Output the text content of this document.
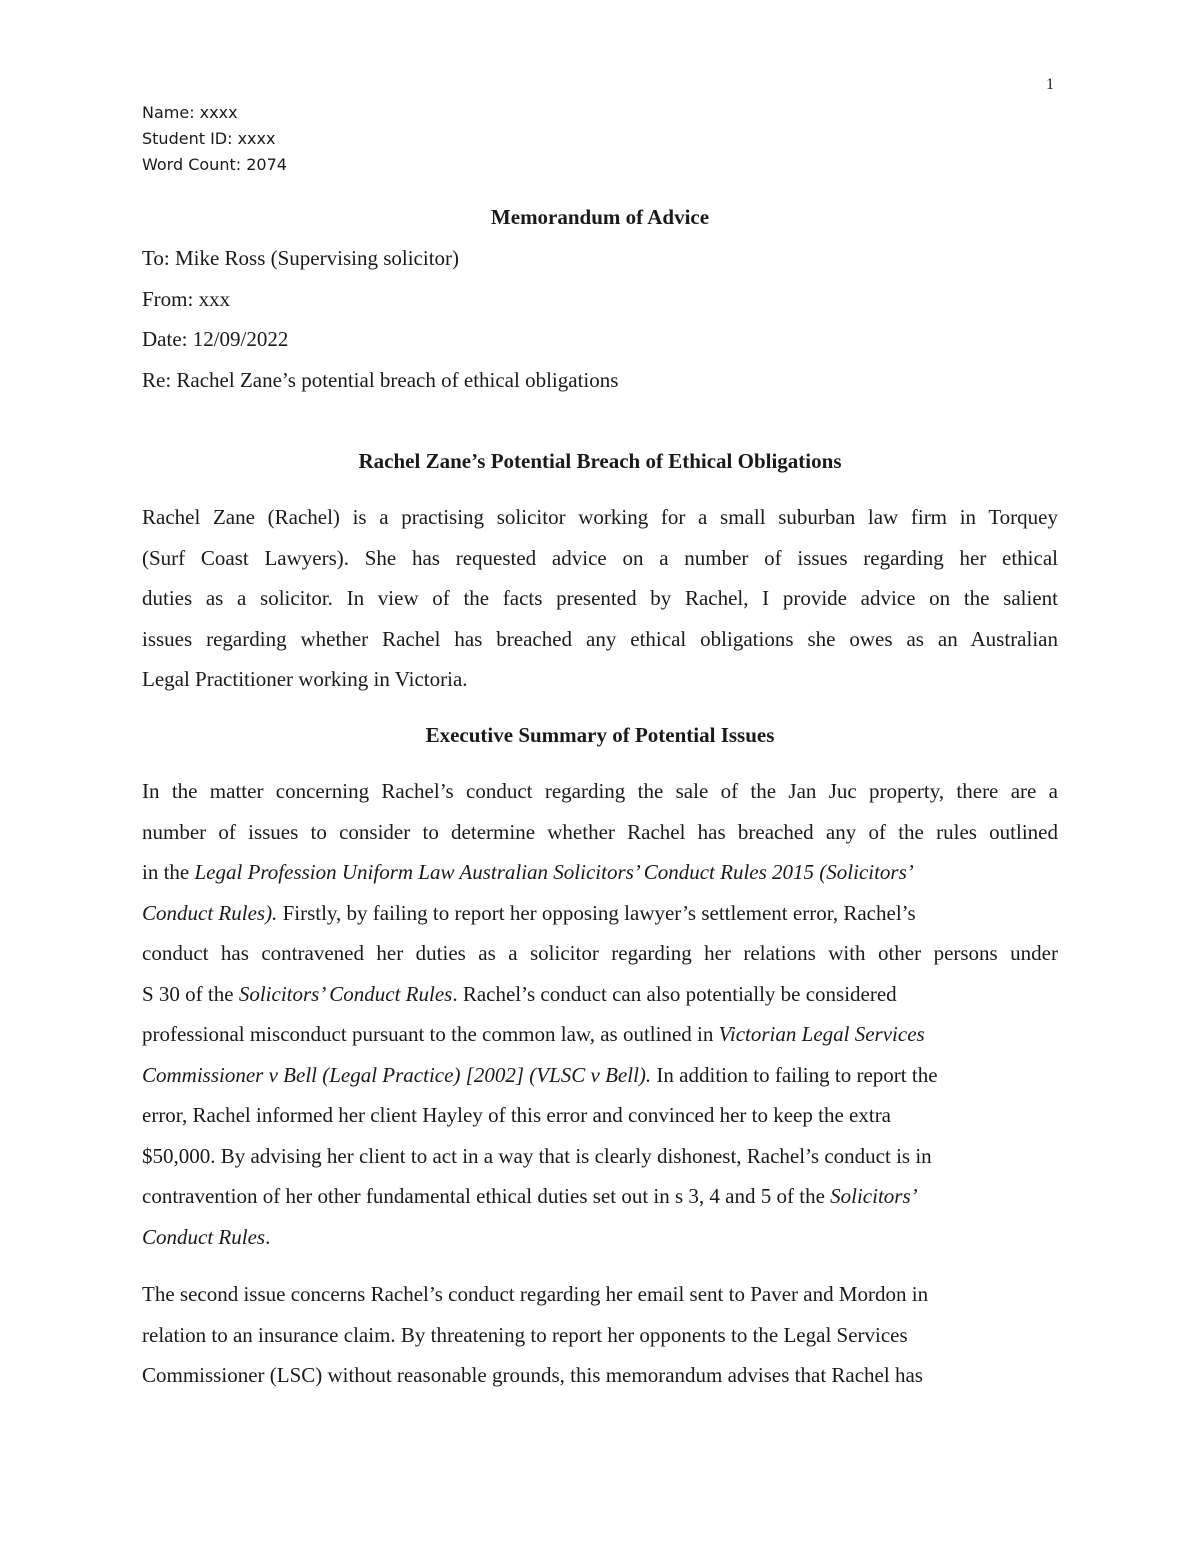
1
Name: xxxx
Student ID: xxxx
Word Count: 2074
Memorandum of Advice
To: Mike Ross (Supervising solicitor)
From: xxx
Date: 12/09/2022
Re: Rachel Zane’s potential breach of ethical obligations
Rachel Zane’s Potential Breach of Ethical Obligations
Rachel Zane (Rachel) is a practising solicitor working for a small suburban law firm in Torquey
(Surf Coast Lawyers). She has requested advice on a number of issues regarding her ethical
duties as a solicitor. In view of the facts presented by Rachel, I provide advice on the salient
issues regarding whether Rachel has breached any ethical obligations she owes as an Australian
Legal Practitioner working in Victoria.
Executive Summary of Potential Issues
In the matter concerning Rachel’s conduct regarding the sale of the Jan Juc property, there are a
number of issues to consider to determine whether Rachel has breached any of the rules outlined
in the Legal Profession Uniform Law Australian Solicitors’ Conduct Rules 2015 (Solicitors’
Conduct Rules). Firstly, by failing to report her opposing lawyer’s settlement error, Rachel’s
conduct has contravened her duties as a solicitor regarding her relations with other persons under
S 30 of the Solicitors’ Conduct Rules. Rachel’s conduct can also potentially be considered
professional misconduct pursuant to the common law, as outlined in Victorian Legal Services
Commissioner v Bell (Legal Practice) [2002] (VLSC v Bell). In addition to failing to report the
error, Rachel informed her client Hayley of this error and convinced her to keep the extra
$50,000. By advising her client to act in a way that is clearly dishonest, Rachel’s conduct is in
contravention of her other fundamental ethical duties set out in s 3, 4 and 5 of the Solicitors’
Conduct Rules.
The second issue concerns Rachel’s conduct regarding her email sent to Paver and Mordon in
relation to an insurance claim. By threatening to report her opponents to the Legal Services
Commissioner (LSC) without reasonable grounds, this memorandum advises that Rachel has
